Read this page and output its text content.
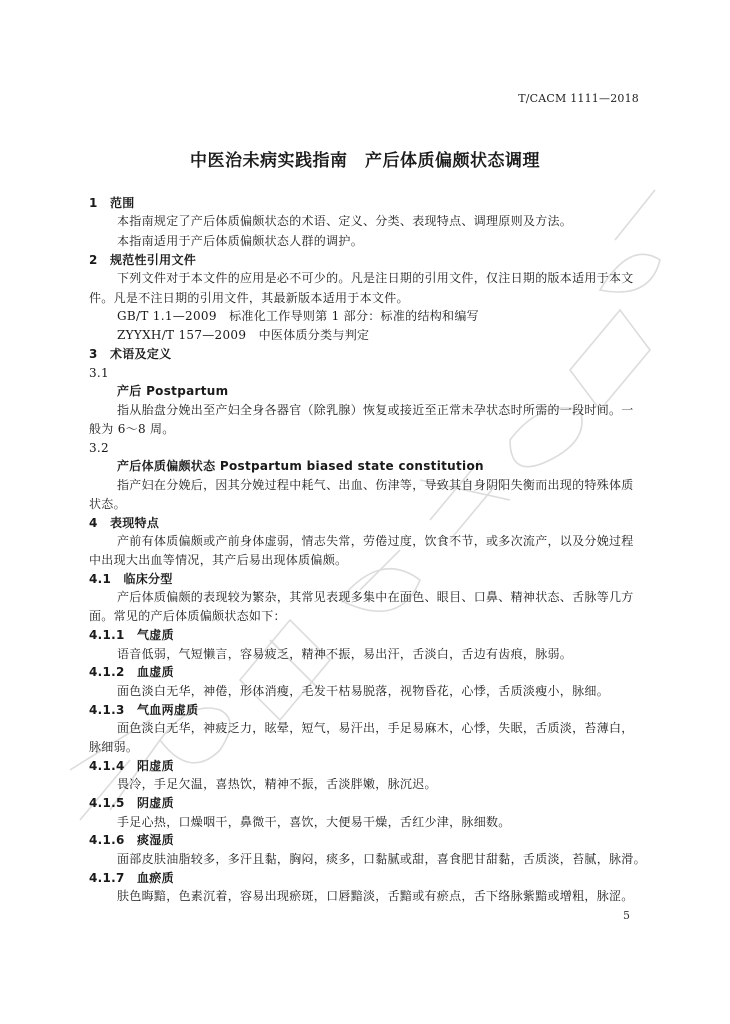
T/CACM 1111—2018
中医治未病实践指南　产后体质偏颇状态调理
1　范围
本指南规定了产后体质偏颇状态的术语、定义、分类、表现特点、调理原则及方法。
本指南适用于产后体质偏颇状态人群的调护。
2　规范性引用文件
下列文件对于本文件的应用是必不可少的。凡是注日期的引用文件，仅注日期的版本适用于本文
件。凡是不注日期的引用文件，其最新版本适用于本文件。
GB/T 1.1—2009　标准化工作导则第 1 部分：标准的结构和编写
ZYYXH/T 157—2009　中医体质分类与判定
3　术语及定义
3.1
产后 Postpartum
指从胎盘分娩出至产妇全身各器官（除乳腺）恢复或接近至正常未孕状态时所需的一段时间。一
般为 6～8 周。
3.2
产后体质偏颇状态 Postpartum biased state constitution
指产妇在分娩后，因其分娩过程中耗气、出血、伤津等，导致其自身阴阳失衡而出现的特殊体质
状态。
4　表现特点
产前有体质偏颇或产前身体虚弱，情志失常，劳倦过度，饮食不节，或多次流产，以及分娩过程
中出现大出血等情况，其产后易出现体质偏颇。
4.1　临床分型
产后体质偏颇的表现较为繁杂，其常见表现多集中在面色、眼目、口鼻、精神状态、舌脉等几方
面。常见的产后体质偏颇状态如下：
4.1.1　气虚质
语音低弱，气短懒言，容易疲乏，精神不振，易出汗，舌淡白，舌边有齿痕，脉弱。
4.1.2　血虚质
面色淡白无华，神倦，形体消瘦，毛发干枯易脱落，视物昏花，心悸，舌质淡瘦小，脉细。
4.1.3　气血两虚质
面色淡白无华，神疲乏力，眩晕，短气，易汗出，手足易麻木，心悸，失眠，舌质淡，苔薄白，
脉细弱。
4.1.4　阳虚质
畏冷，手足欠温，喜热饮，精神不振，舌淡胖嫩，脉沉迟。
4.1.5　阴虚质
手足心热，口燥咽干，鼻微干，喜饮，大便易干燥，舌红少津，脉细数。
4.1.6　痰湿质
面部皮肤油脂较多，多汗且黏，胸闷，痰多，口黏腻或甜，喜食肥甘甜黏，舌质淡，苔腻，脉滑。
4.1.7　血瘀质
肤色晦黯，色素沉着，容易出现瘀斑，口唇黯淡，舌黯或有瘀点，舌下络脉紫黯或增粗，脉涩。
5
